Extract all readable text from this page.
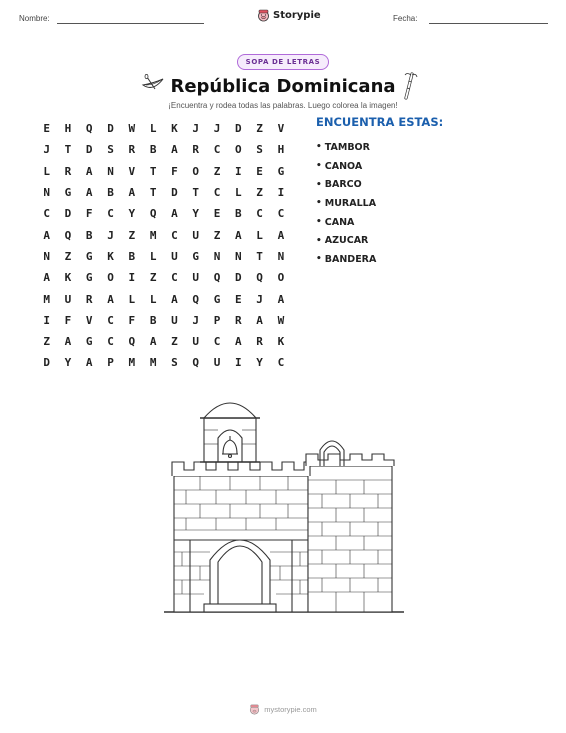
Nombre:	Storypie	Fecha:
SOPA DE LETRAS
República Dominicana
¡Encuentra y rodea todas las palabras. Luego colorea la imagen!
E	H	Q	D	W	L	K	J	J	D	Z	V
J	T	D	S	R	B	A	R	C	O	S	H
L	R	A	N	V	T	F	O	Z	I	E	G
N	G	A	B	A	T	D	T	C	L	Z	I
C	D	F	C	Y	Q	A	Y	E	B	C	C
A	Q	B	J	Z	M	C	U	Z	A	L	A
N	Z	G	K	B	L	U	G	N	N	T	N
A	K	G	O	I	Z	C	U	Q	D	Q	O
M	U	R	A	L	L	A	Q	G	E	J	A
I	F	V	C	F	B	U	J	P	R	A	W
Z	A	G	C	Q	A	Z	U	C	A	R	K
D	Y	A	P	M	M	S	Q	U	I	Y	C
ENCUENTRA ESTAS:
• TAMBOR
• CANOA
• BARCO
• MURALLA
• CANA
• AZUCAR
• BANDERA
mystorypie.com
